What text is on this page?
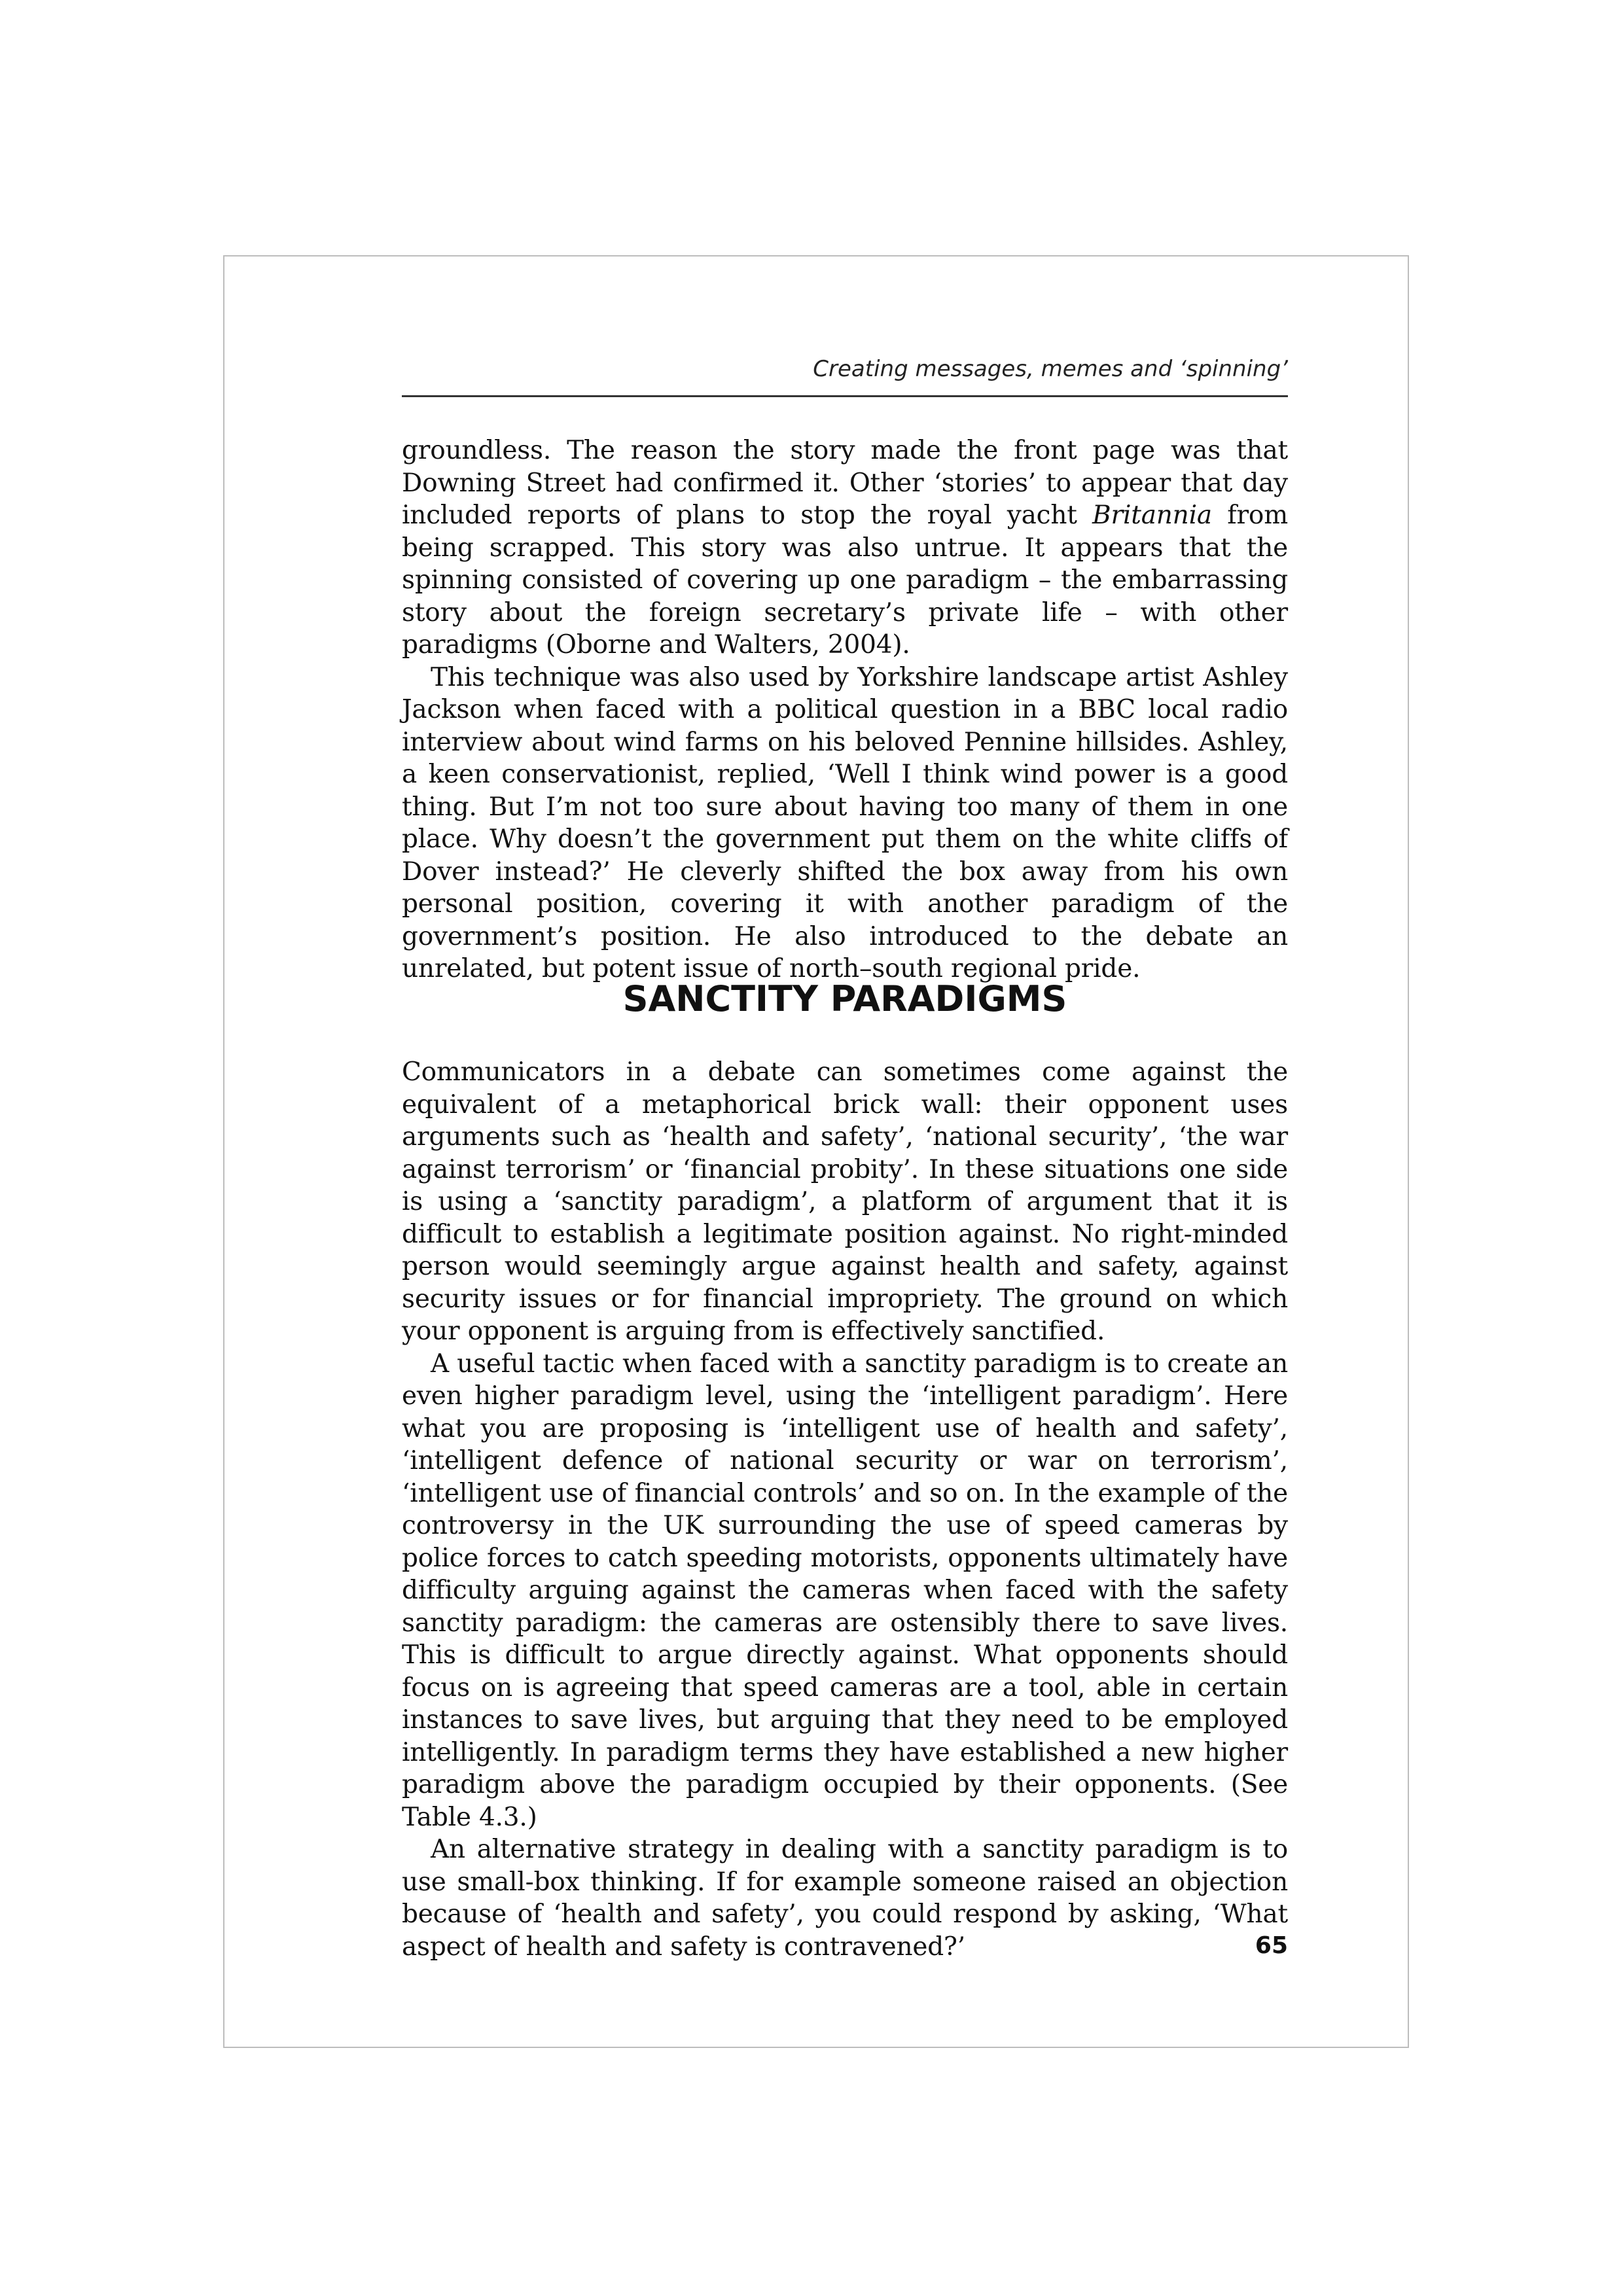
Creating messages, memes and ‘spinning’

groundless. The reason the story made the front page was that Downing Street had confirmed it. Other ‘stories’ to appear that day included reports of plans to stop the royal yacht Britannia from being scrapped. This story was also untrue. It appears that the spinning consisted of covering up one paradigm – the embarrassing story about the foreign secretary’s private life – with other paradigms (Oborne and Walters, 2004).

This technique was also used by Yorkshire landscape artist Ashley Jackson when faced with a political question in a BBC local radio interview about wind farms on his beloved Pennine hillsides. Ashley, a keen conservationist, replied, ‘Well I think wind power is a good thing. But I’m not too sure about having too many of them in one place. Why doesn’t the government put them on the white cliffs of Dover instead?’ He cleverly shifted the box away from his own personal position, covering it with another paradigm of the government’s position. He also introduced to the debate an unrelated, but potent issue of north–south regional pride.

SANCTITY PARADIGMS

Communicators in a debate can sometimes come against the equivalent of a metaphorical brick wall: their opponent uses arguments such as ‘health and safety’, ‘national security’, ‘the war against terrorism’ or ‘financial probity’. In these situations one side is using a ‘sanctity paradigm’, a platform of argument that it is difficult to establish a legitimate position against. No right-minded person would seemingly argue against health and safety, against security issues or for financial impropriety. The ground on which your opponent is arguing from is effectively sanctified.

A useful tactic when faced with a sanctity paradigm is to create an even higher paradigm level, using the ‘intelligent paradigm’. Here what you are proposing is ‘intelligent use of health and safety’, ‘intelligent defence of national security or war on terrorism’, ‘intelligent use of financial controls’ and so on. In the example of the controversy in the UK surrounding the use of speed cameras by police forces to catch speeding motorists, opponents ultimately have difficulty arguing against the cameras when faced with the safety sanctity paradigm: the cameras are ostensibly there to save lives. This is difficult to argue directly against. What opponents should focus on is agreeing that speed cameras are a tool, able in certain instances to save lives, but arguing that they need to be employed intelligently. In paradigm terms they have established a new higher paradigm above the paradigm occupied by their opponents. (See Table 4.3.)

An alternative strategy in dealing with a sanctity paradigm is to use small-box thinking. If for example someone raised an objection because of ‘health and safety’, you could respond by asking, ‘What aspect of health and safety is contravened?’	65
